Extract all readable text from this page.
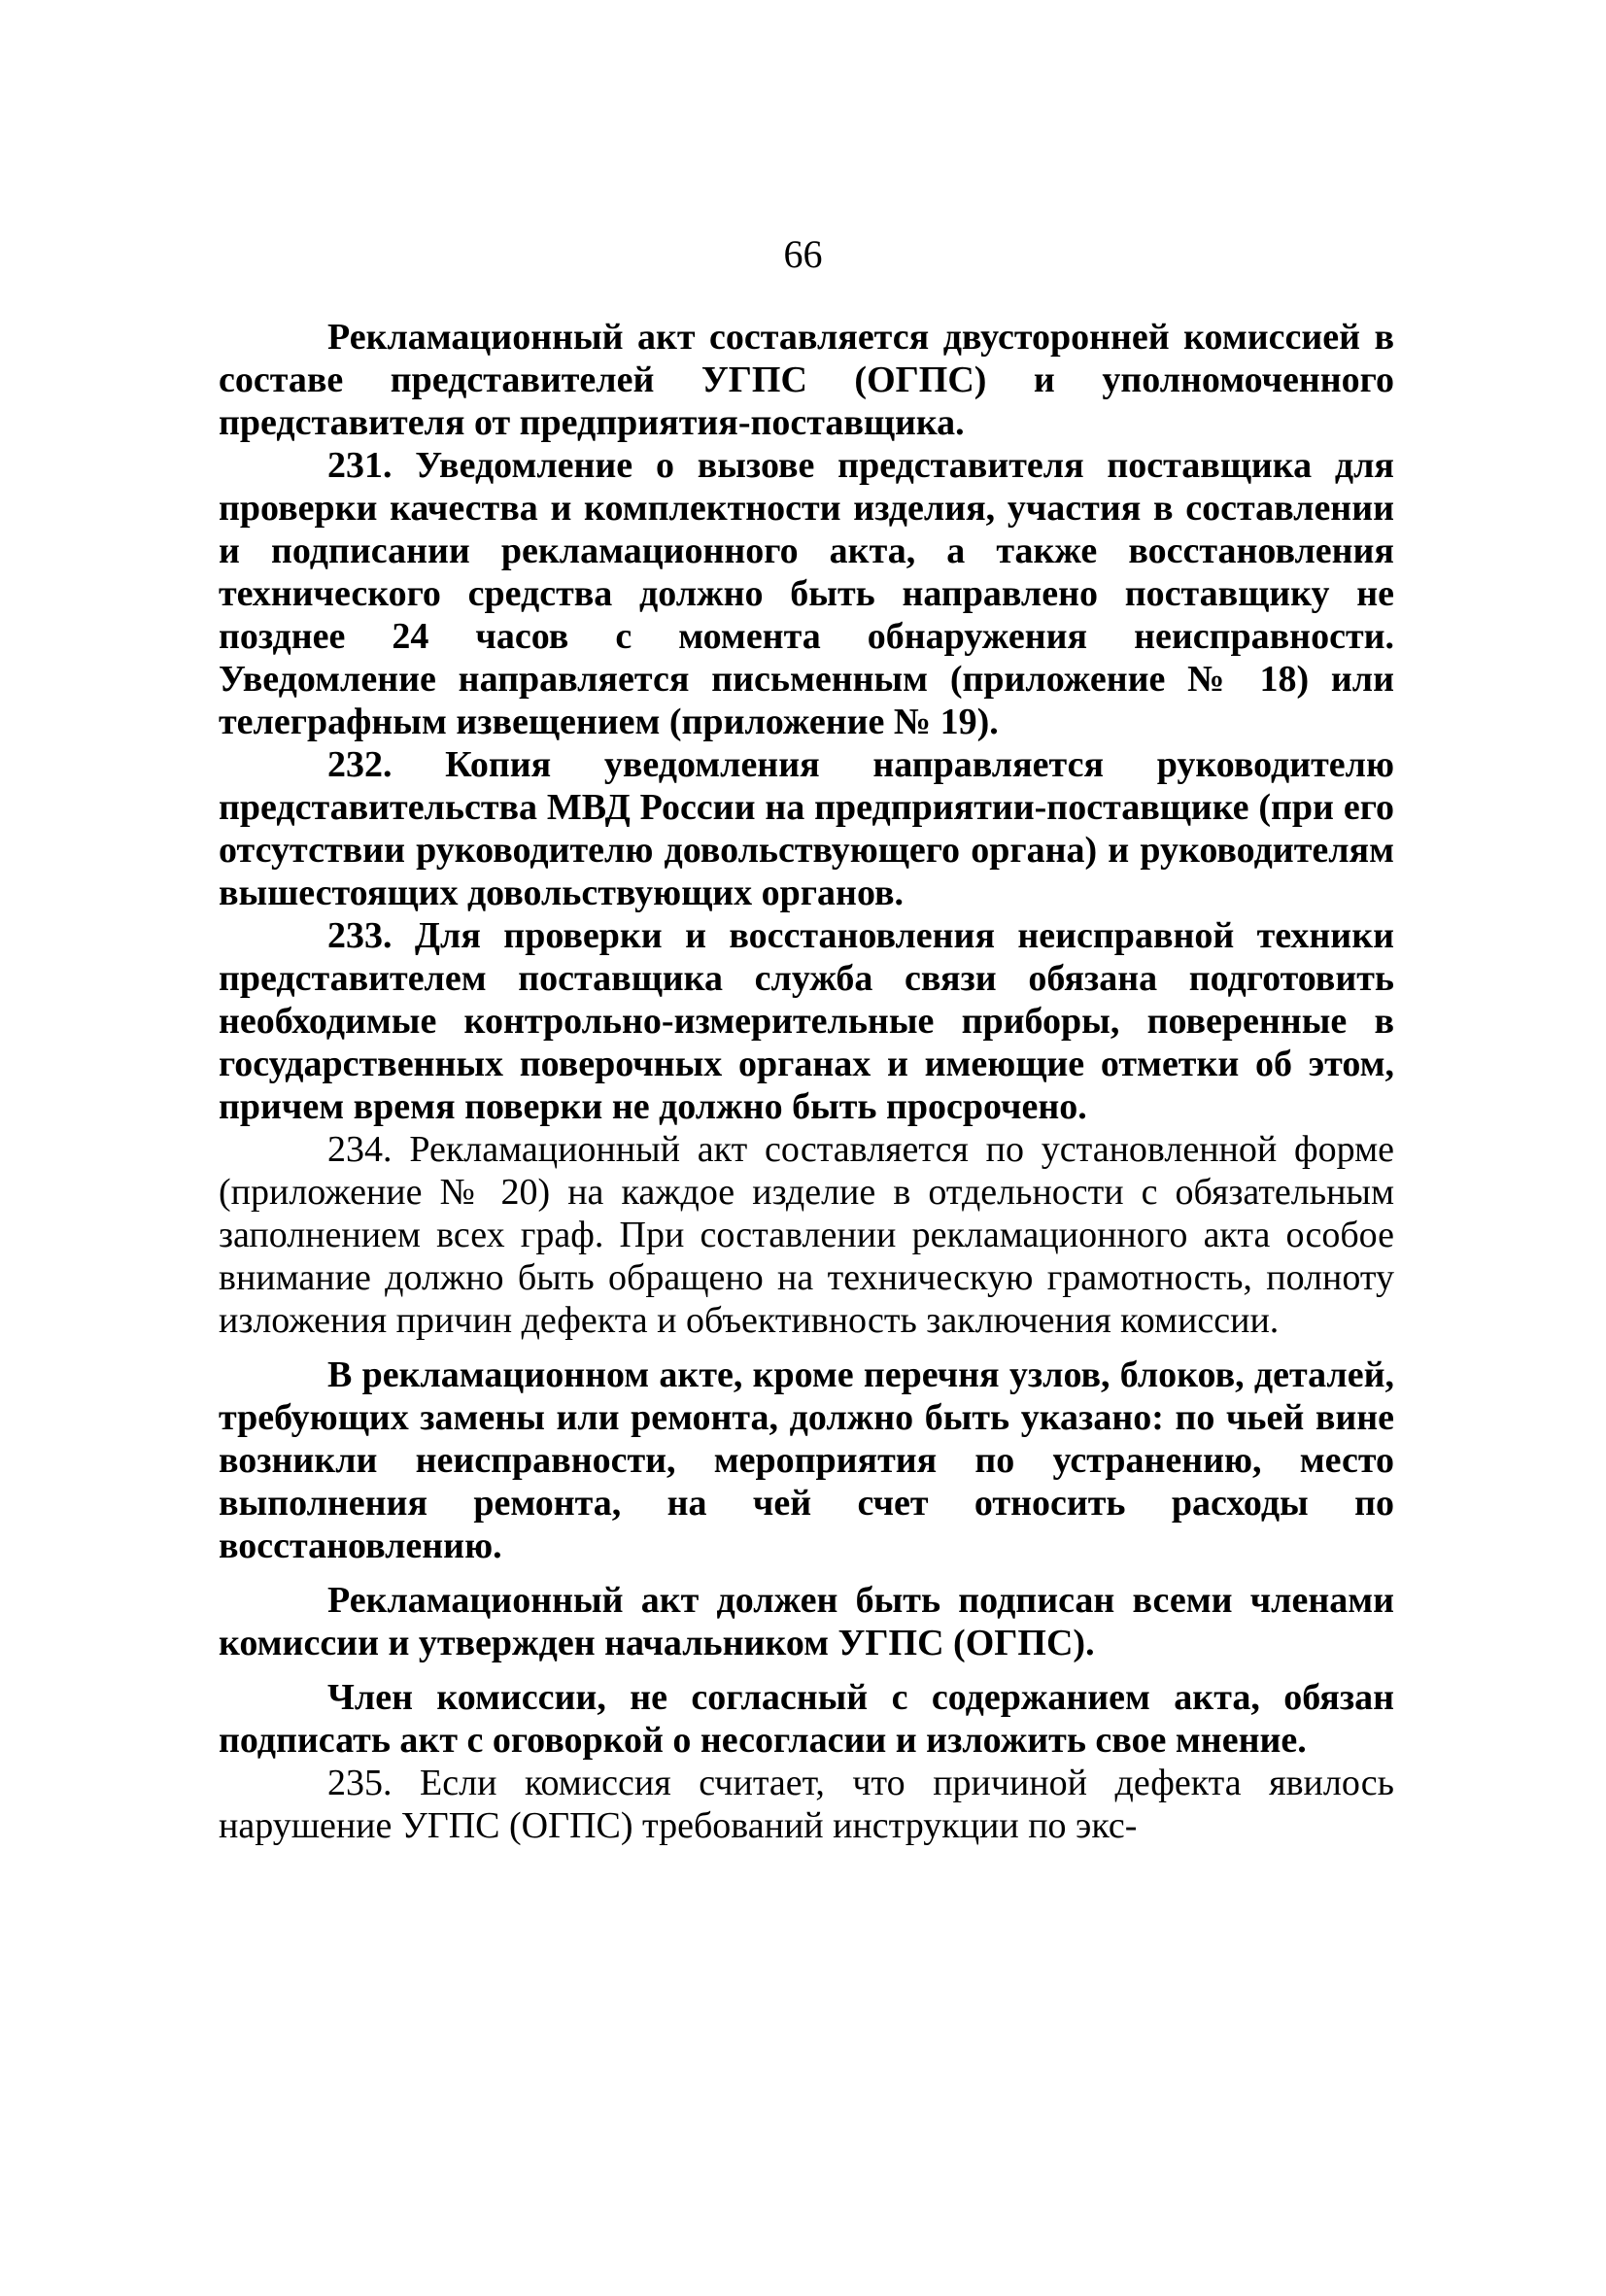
66

Рекламационный акт составляется двусторонней комиссией в составе представителей УГПС (ОГПС) и уполномоченного представителя от предприятия-поставщика.

231. Уведомление о вызове представителя поставщика для проверки качества и комплектности изделия, участия в составлении и подписании рекламационного акта, а также восстановления технического средства должно быть направлено поставщику не позднее 24 часов с момента обнаружения неисправности. Уведомление направляется письменным (приложение № 18) или телеграфным извещением (приложение № 19).

232. Копия уведомления направляется руководителю представительства МВД России на предприятии-поставщике (при его отсутствии руководителю довольствующего органа) и руководителям вышестоящих довольствующих органов.

233. Для проверки и восстановления неисправной техники представителем поставщика служба связи обязана подготовить необходимые контрольно-измерительные приборы, поверенные в государственных поверочных органах и имеющие отметки об этом, причем время поверки не должно быть просрочено.

234. Рекламационный акт составляется по установленной форме (приложение № 20) на каждое изделие в отдельности с обязательным заполнением всех граф. При составлении рекламационного акта особое внимание должно быть обращено на техническую грамотность, полноту изложения причин дефекта и объективность заключения комиссии.

В рекламационном акте, кроме перечня узлов, блоков, деталей, требующих замены или ремонта, должно быть указано: по чьей вине возникли неисправности, мероприятия по устранению, место выполнения ремонта, на чей счет относить расходы по восстановлению.

Рекламационный акт должен быть подписан всеми членами комиссии и утвержден начальником УГПС (ОГПС).

Член комиссии, не согласный с содержанием акта, обязан подписать акт с оговоркой о несогласии и изложить свое мнение.

235. Если комиссия считает, что причиной дефекта явилось нарушение УГПС (ОГПС) требований инструкции по экс-
